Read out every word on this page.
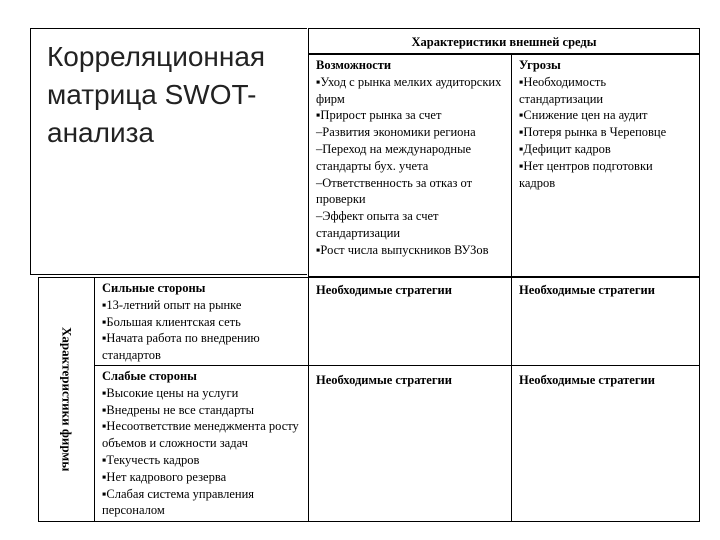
Корреляционная матрица SWOT-анализа
Характеристики внешней среды
Возможности
▪Уход с рынка мелких аудиторских фирм
▪Прирост рынка за счет
–Развития экономики региона
–Переход на международные стандарты бух. учета
–Ответственность за отказ от проверки
–Эффект опыта за счет стандартизации
▪Рост числа выпускников ВУЗов
Угрозы
▪Необходимость стандартизации
▪Снижение цен на аудит
▪Потеря рынка в Череповце
▪Дефицит кадров
▪Нет центров подготовки кадров
Характеристики фирмы
Сильные стороны
▪13-летний опыт на рынке
▪Большая клиентская сеть
▪Начата работа по внедрению стандартов
Слабые стороны
▪Высокие цены на услуги
▪Внедрены не все стандарты
▪Несоответствие менеджмента росту объемов и сложности задач
▪Текучесть кадров
▪Нет кадрового резерва
▪Слабая система управления персоналом
Необходимые стратегии	Необходимые стратегии
Необходимые стратегии	Необходимые стратегии
